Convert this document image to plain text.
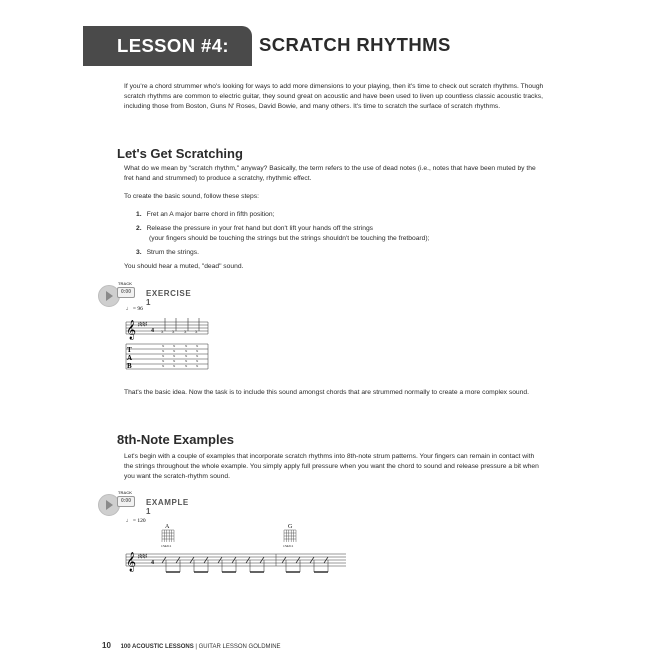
LESSON #4: SCRATCH RHYTHMS

If you're a chord strummer who's looking for ways to add more dimensions to your playing, then it's time to check out scratch rhythms. Though scratch rhythms are common to electric guitar, they sound great on acoustic and have been used to liven up countless classic acoustic tracks, including those from Boston, Guns N' Roses, David Bowie, and many others. It's time to scratch the surface of scratch rhythms.

Let's Get Scratching

What do we mean by "scratch rhythm," anyway? Basically, the term refers to the use of dead notes (i.e., notes that have been muted by the fret hand and strummed) to produce a scratchy, rhythmic effect.

To create the basic sound, follow these steps:

1. Fret an A major barre chord in fifth position;
2. Release the pressure in your fret hand but don't lift your hands off the strings
(your fingers should be touching the strings but the strings shouldn't be touching the fretboard);
3. Strum the strings.

You should hear a muted, "dead" sound.

TRACK
0:00	EXERCISE 1
♩ = 96
𝄞 ♯♯♯
4 x x x x
T
A
B
x
x
x
x
x
x
x
x
x
x
x
x
x
x
x
x
x
x
x
x

That's the basic idea. Now the task is to include this sound amongst chords that are strummed normally to create a more complex sound.

8th-Note Examples

Let's begin with a couple of examples that incorporate scratch rhythms into 8th-note strum patterns. Your fingers can remain in contact with the strings throughout the whole example. You simply apply full pressure when you want the chord to sound and release pressure a bit when you want the scratch-rhythm sound.

TRACK
0:00	EXAMPLE 1
♩ = 120
A
134211
G
134211
𝄞 ♯♯♯
4
10 100 ACOUSTIC LESSONS | GUITAR LESSON GOLDMINE
